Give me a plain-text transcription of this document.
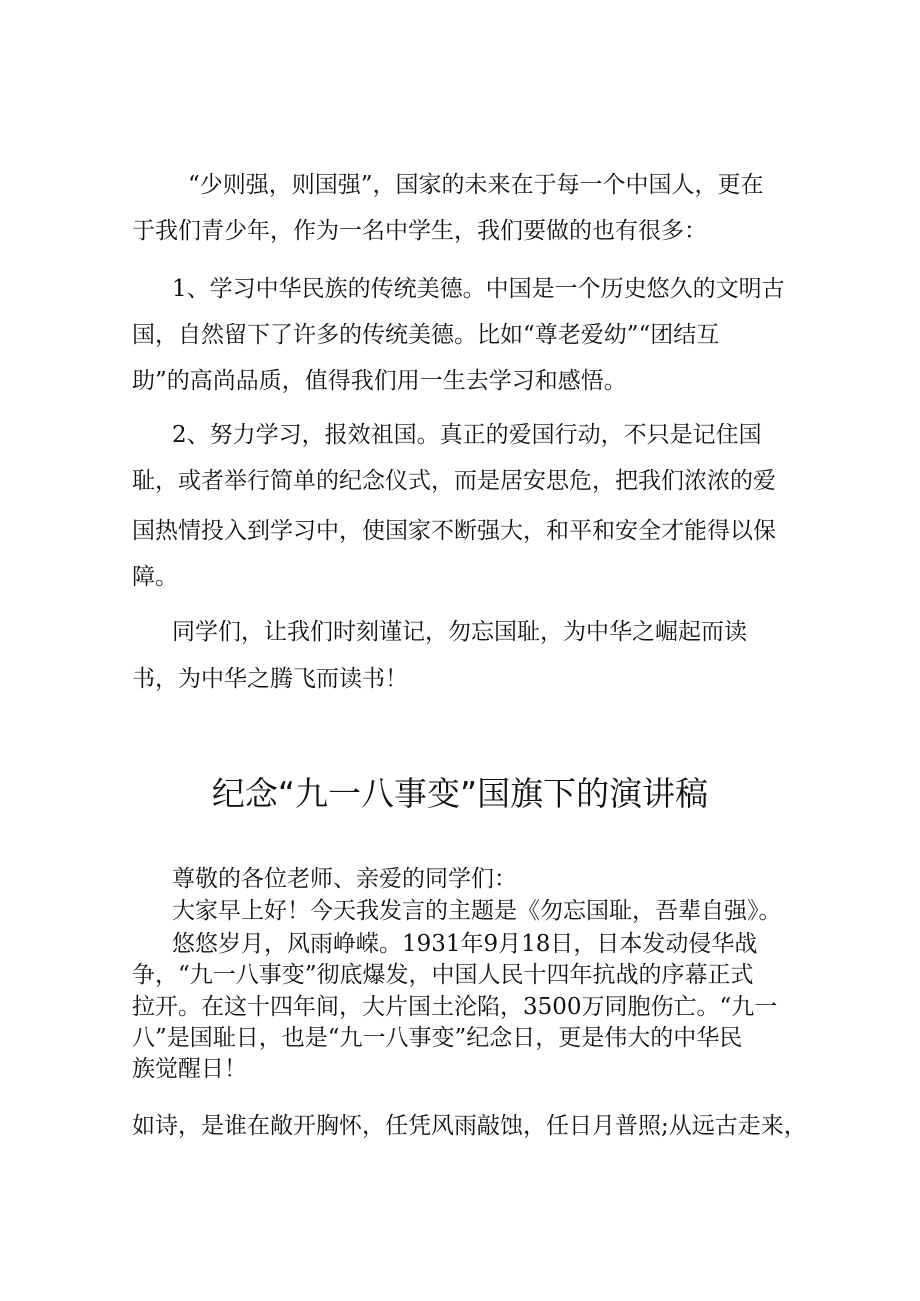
“少则强，则国强”，国家的未来在于每一个中国人，更在

于我们青少年，作为一名中学生，我们要做的也有很多：

1、学习中华民族的传统美德。中国是一个历史悠久的文明古

国，自然留下了许多的传统美德。比如“尊老爱幼”“团结互

助”的高尚品质，值得我们用一生去学习和感悟。

2、努力学习，报效祖国。真正的爱国行动，不只是记住国

耻，或者举行简单的纪念仪式，而是居安思危，把我们浓浓的爱

国热情投入到学习中，使国家不断强大，和平和安全才能得以保

障。

同学们，让我们时刻谨记，勿忘国耻，为中华之崛起而读

书，为中华之腾飞而读书！

纪念“九一八事变”国旗下的演讲稿

尊敬的各位老师、亲爱的同学们：

大家早上好！今天我发言的主题是《勿忘国耻，吾辈自强》。

悠悠岁月，风雨峥嵘。1931年9月18日，日本发动侵华战

争，“九一八事变”彻底爆发，中国人民十四年抗战的序幕正式

拉开。在这十四年间，大片国土沦陷，3500万同胞伤亡。“九一

八”是国耻日，也是“九一八事变”纪念日，更是伟大的中华民

族觉醒日！

如诗，是谁在敞开胸怀，任凭风雨敲蚀，任日月普照;从远古走来，
